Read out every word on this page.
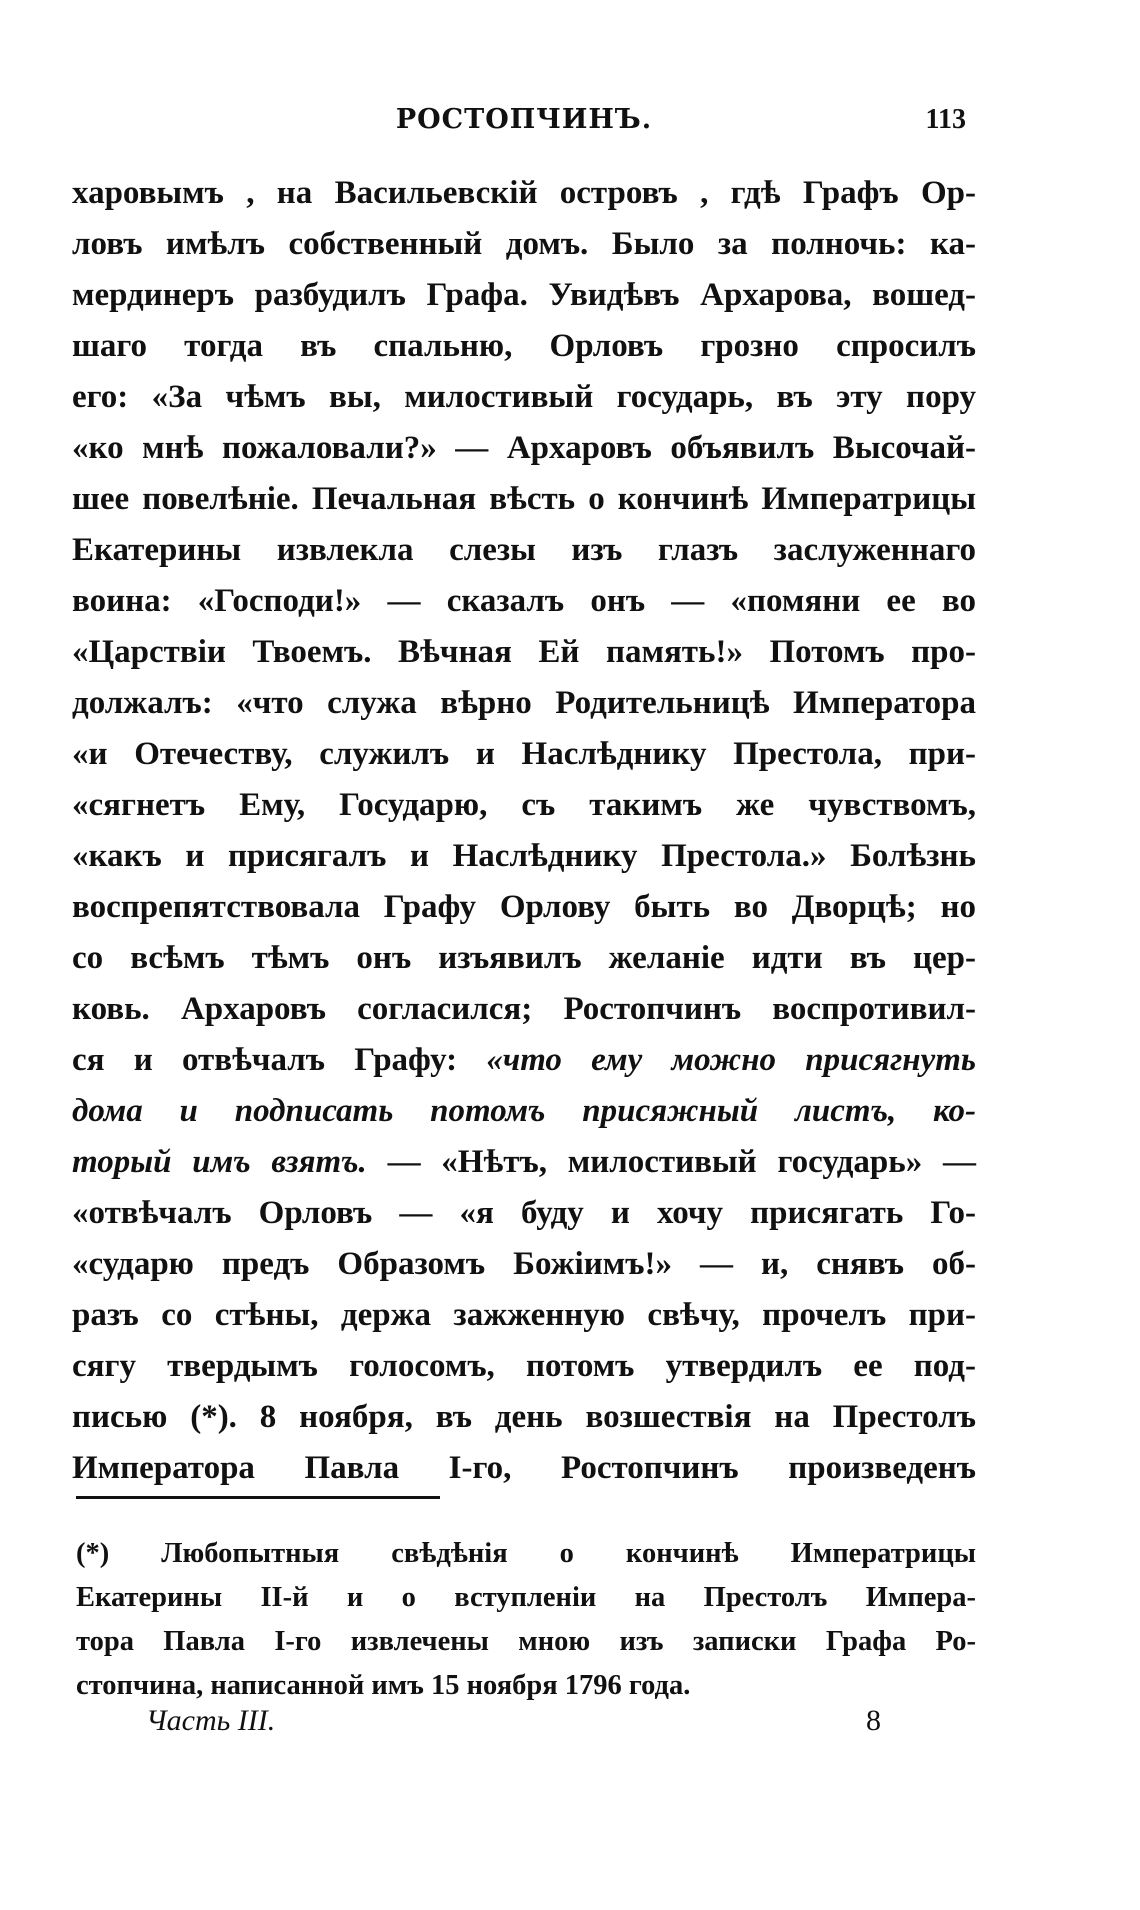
РОСТОПЧИНЪ.	113
харовымъ , на Васильевскій островъ , гдѣ Графъ Ор-
ловъ имѣлъ собственный домъ. Было за полночь: ка-
мердинеръ разбудилъ Графа. Увидѣвъ Архарова, вошед-
шаго тогда въ спальню, Орловъ грозно спросилъ
его: «За чѣмъ вы, милостивый государь, въ эту пору
«ко мнѣ пожаловали?» — Архаровъ объявилъ Высочай-
шее повелѣніе. Печальная вѣсть о кончинѣ Императрицы
Екатерины извлекла слезы изъ глазъ заслуженнаго
воина: «Господи!» — сказалъ онъ — «помяни ее во
«Царствіи Твоемъ. Вѣчная Ей память!» Потомъ про-
должалъ: «что служа вѣрно Родительницѣ Императора
«и Отечеству, служилъ и Наслѣднику Престола, при-
«сягнетъ Ему, Государю, съ такимъ же чувствомъ,
«какъ и присягалъ и Наслѣднику Престола.» Болѣзнь
воспрепятствовала Графу Орлову быть во Дворцѣ; но
со всѣмъ тѣмъ онъ изъявилъ желаніе идти въ цер-
ковь. Архаровъ согласился; Ростопчинъ воспротивил-
ся и отвѣчалъ Графу: «что ему можно присягнуть
дома и подписать потомъ присяжный листъ, ко-
торый имъ взятъ. — «Нѣтъ, милостивый государь» —
«отвѣчалъ Орловъ — «я буду и хочу присягать Го-
«сударю предъ Образомъ Божіимъ!» — и, снявъ об-
разъ со стѣны, держа зажженную свѣчу, прочелъ при-
сягу твердымъ голосомъ, потомъ утвердилъ ее под-
писью (*). 8 ноября, въ день возшествія на Престолъ
Императора Павла І-го, Ростопчинъ произведенъ
(*) Любопытныя свѣдѣнія о кончинѣ Императрицы
Екатерины II-й и о вступленіи на Престолъ Импера-
тора Павла І-го извлечены мною изъ записки Графа Ро-
стопчина, написанной имъ 15 ноября 1796 года.
Часть III.	8
